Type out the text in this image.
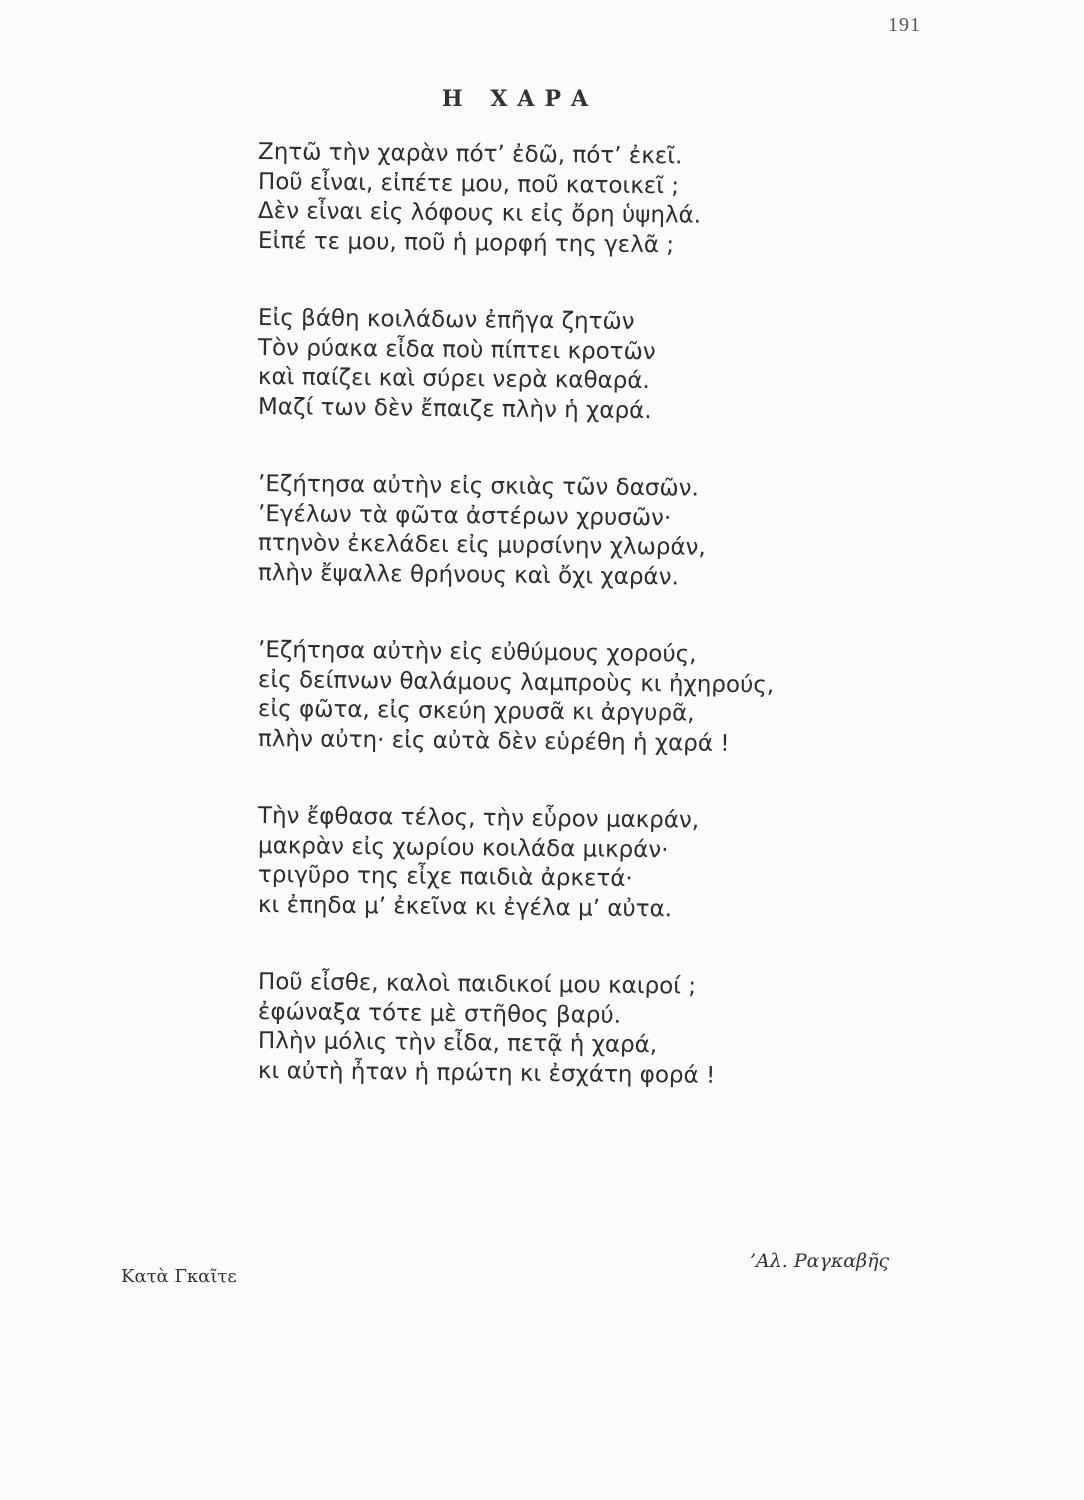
191
Η ΧΑΡΑ
Ζητῶ τὴν χαρὰν πότ’ ἐδῶ, πότ’ ἐκεῖ.
Ποῦ εἶναι, εἰπέτε μου, ποῦ κατοικεῖ ;
Δὲν εἶναι εἰς λόφους κι εἰς ὄρη ὑψηλά.
Εἰπέ τε μου, ποῦ ἡ μορφή της γελᾶ ;
Εἰς βάθη κοιλάδων ἐπῆγα ζητῶν
Τὸν ρύακα εἶδα ποὺ πίπτει κροτῶν
καὶ παίζει καὶ σύρει νερὰ καθαρά.
Μαζί των δὲν ἔπαιζε πλὴν ἡ χαρά.
’Εζήτησα αὐτὴν εἰς σκιὰς τῶν δασῶν.
’Εγέλων τὰ φῶτα ἀστέρων χρυσῶν·
πτηνὸν ἐκελάδει εἰς μυρσίνην χλωράν,
πλὴν ἔψαλλε θρήνους καὶ ὄχι χαράν.
’Εζήτησα αὐτὴν εἰς εὐθύμους χορούς,
εἰς δείπνων θαλάμους λαμπροὺς κι ἠχηρούς,
εἰς φῶτα, εἰς σκεύη χρυσᾶ κι ἀργυρᾶ,
πλὴν αὐτη· εἰς αὐτὰ δὲν εὑρέθη ἡ χαρά !
Τὴν ἔφθασα τέλος, τὴν εὗρον μακράν,
μακρὰν εἰς χωρίου κοιλάδα μικράν·
τριγῦρο της εἶχε παιδιὰ ἀρκετά·
κι ἐπηδα μ’ ἐκεῖνα κι ἐγέλα μ’ αὐτα.
Ποῦ εἶσθε, καλοὶ παιδικοί μου καιροί ;
ἐφώναξα τότε μὲ στῆθος βαρύ.
Πλὴν μόλις τὴν εἶδα, πετᾷ ἡ χαρά,
κι αὐτὴ ἦταν ἡ πρώτη κι ἐσχάτη φορά !
Κατὰ Γκαῖτε
’Αλ. Ραγκαβῆς
